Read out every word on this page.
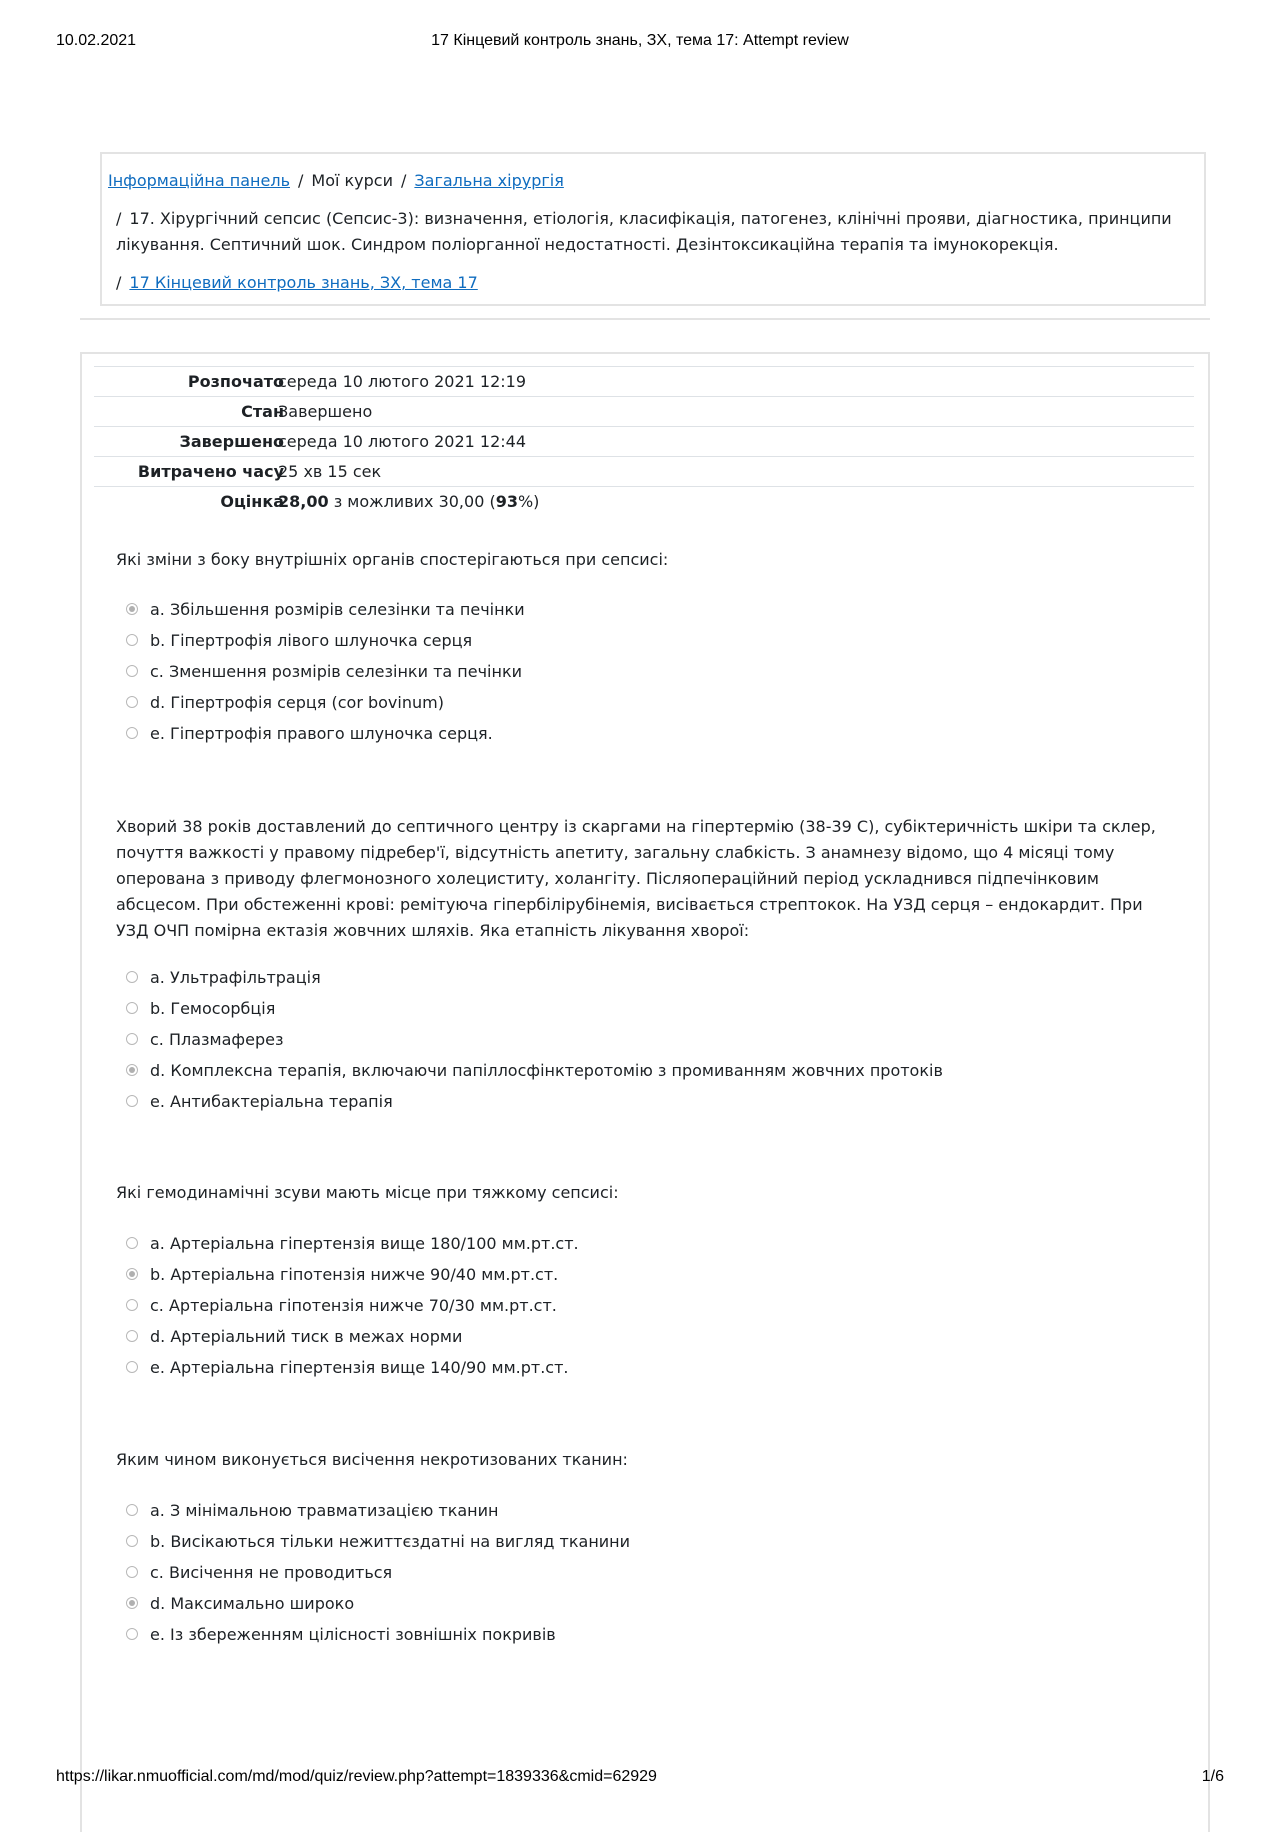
10.02.2021	17 Кінцевий контроль знань, ЗХ, тема 17: Attempt review
Інформаційна панель / Мої курси / Загальна хірургія
/ 17. Хірургічний сепсис (Сепсис-3): визначення, етіологія, класифікація, патогенез, клінічні прояви, діагностика, принципи лікування. Септичний шок. Синдром поліорганної недостатності. Дезінтоксикаційна терапія та імунокорекція.
/ 17 Кінцевий контроль знань, ЗХ, тема 17
Розпочато
середа 10 лютого 2021 12:19
Стан
Завершено
Завершено
середа 10 лютого 2021 12:44
Витрачено часу
25 хв 15 сек
Оцінка
28,00 з можливих 30,00 (93%)

Які зміни з боку внутрішніх органів спостерігаються при сепсисі:

a. Збільшення розмірів селезінки та печінки
b. Гіпертрофія лівого шлуночка серця
c. Зменшення розмірів селезінки та печінки
d. Гіпертрофія серця (cor bovinum)
e. Гіпертрофія правого шлуночка серця.

Хворий 38 років доставлений до септичного центру із скаргами на гіпертермію (38-39 С), субіктеричність шкіри та склер, почуття важкості у правому підребер'ї, відсутність апетиту, загальну слабкість. З анамнезу відомо, що 4 місяці тому оперована з приводу флегмонозного холециститу, холангіту. Післяопераційний період ускладнився підпечінковим абсцесом. При обстеженні крові: ремітуюча гіпербілірубінемія, висівається стрептокок. На УЗД серця – ендокардит. При УЗД ОЧП помірна ектазія жовчних шляхів. Яка етапність лікування хворої:

a. Ультрафільтрація
b. Гемосорбція
c. Плазмаферез
d. Комплексна терапія, включаючи папіллосфінктеротомію з промиванням жовчних протоків
e. Антибактеріальна терапія

Які гемодинамічні зсуви мають місце при тяжкому сепсисі:

a. Артеріальна гіпертензія вище 180/100 мм.рт.ст.
b. Артеріальна гіпотензія нижче 90/40 мм.рт.ст.
c. Артеріальна гіпотензія нижче 70/30 мм.рт.ст.
d. Артеріальний тиск в межах норми
e. Артеріальна гіпертензія вище 140/90 мм.рт.ст.

Яким чином виконується висічення некротизованих тканин:

a. З мінімальною травматизацією тканин
b. Висікаються тільки нежиттєздатні на вигляд тканини
c. Висічення не проводиться
d. Максимально широко
e. Із збереженням цілісності зовнішніх покривів
https://likar.nmuofficial.com/md/mod/quiz/review.php?attempt=1839336&cmid=62929	1/6
